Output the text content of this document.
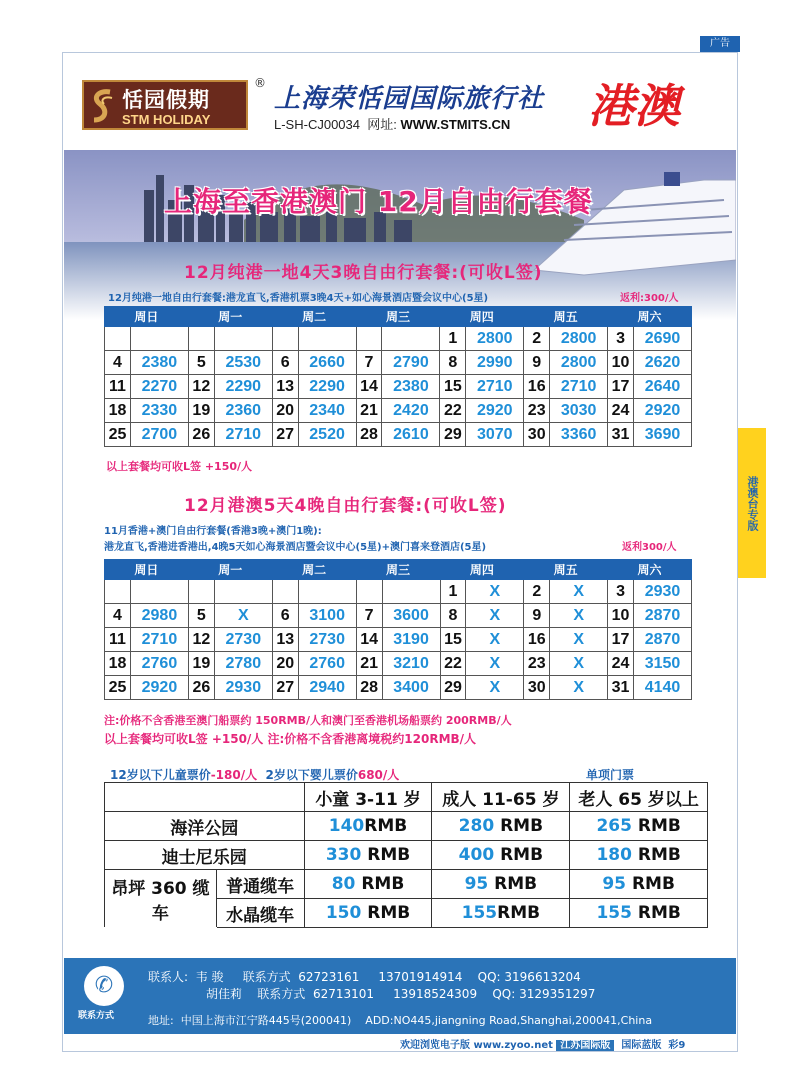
广告
港澳台专版
恬园假期
STM HOLIDAY
®
上海荣恬园国际旅行社
L-SH-CJ00034 网址: WWW.STMITS.CN 港澳
上海至香港澳门 12月自由行套餐
12月纯港一地4天3晚自由行套餐:(可收L签)
12月纯港一地自由行套餐:港龙直飞,香港机票3晚4天+如心海景酒店暨会议中心(5星)	返利:300/人
周日		周一		周二		周三		周四		周五		周六	
								1	2800	2	2800	3	2690
4	2380	5	2530	6	2660	7	2790	8	2990	9	2800	10	2620
11	2270	12	2290	13	2290	14	2380	15	2710	16	2710	17	2640
18	2330	19	2360	20	2340	21	2420	22	2920	23	3030	24	2920
25	2700	26	2710	27	2520	28	2610	29	3070	30	3360	31	3690
以上套餐均可收L签 +150/人
12月港澳5天4晚自由行套餐:(可收L签)
11月香港+澳门自由行套餐(香港3晚+澳门1晚):
港龙直飞,香港进香港出,4晚5天如心海景酒店暨会议中心(5星)+澳门喜来登酒店(5星)	返利300/人
周日		周一		周二		周三		周四		周五		周六	
								1	X	2	X	3	2930
4	2980	5	X	6	3100	7	3600	8	X	9	X	10	2870
11	2710	12	2730	13	2730	14	3190	15	X	16	X	17	2870
18	2760	19	2780	20	2760	21	3210	22	X	23	X	24	3150
25	2920	26	2930	27	2940	28	3400	29	X	30	X	31	4140
注:价格不含香港至澳门船票约 150RMB/人和澳门至香港机场船票约 200RMB/人
以上套餐均可收L签 +150/人 注:价格不含香港离境税约120RMB/人
12岁以下儿童票价-180/人 2岁以下婴儿票价680/人	单项门票
		小童 3-11 岁	成人 11-65 岁	老人 65 岁以上
海洋公园		140RMB	280 RMB	265 RMB
迪士尼乐园		330 RMB	400 RMB	180 RMB
昂坪 360 缆车	普通缆车	80 RMB	95 RMB	95 RMB
	水晶缆车	150 RMB	155RMB	155 RMB
✆
联系方式
联系人: 韦 骏 联系方式 62723161 13701914914 QQ: 3196613204
胡佳莉 联系方式 62713101 13918524309 QQ: 3129351297
地址: 中国上海市江宁路445号(200041) ADD:NO445,jiangning Road,Shanghai,200041,China
欢迎浏览电子版 www.zyoo.net 江苏国际版 国际蓝版 彩9
